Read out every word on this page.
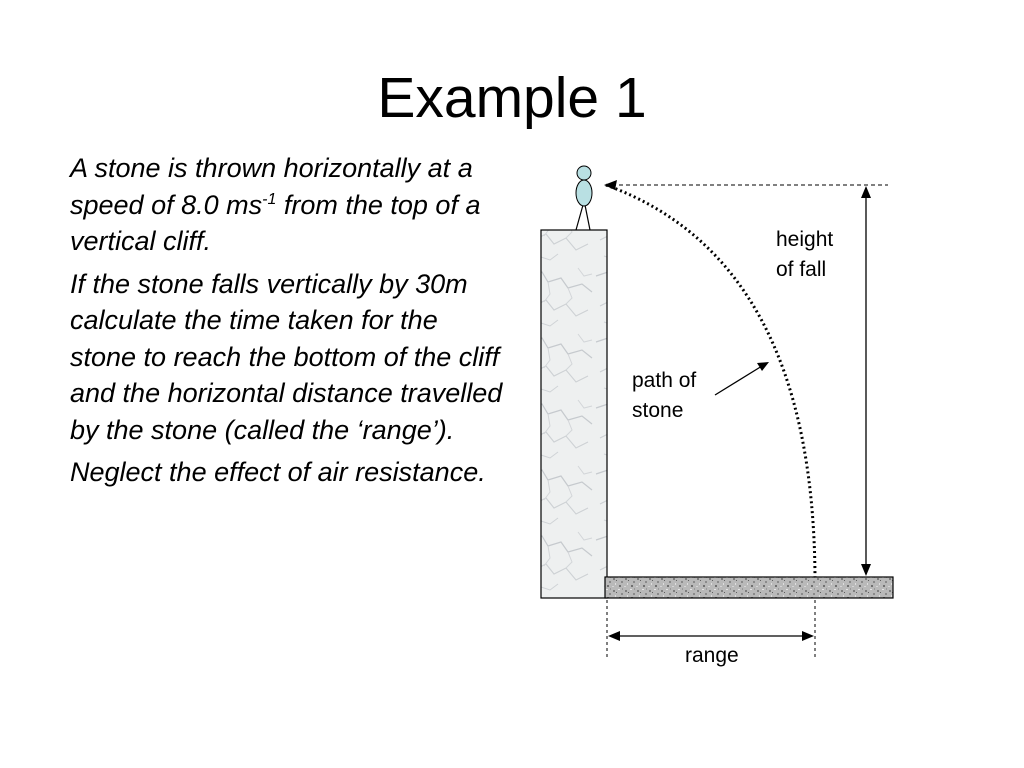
Example 1

A stone is thrown horizontally at a speed of 8.0 $ms^{-1}$ from the top of a vertical cliff.

If the stone falls vertically by 30m calculate the time taken for the stone to reach the bottom of the cliff and the horizontal distance travelled by the stone (called the ‘range’).

Neglect the effect of air resistance.

height
of fall
path of
stone
range
